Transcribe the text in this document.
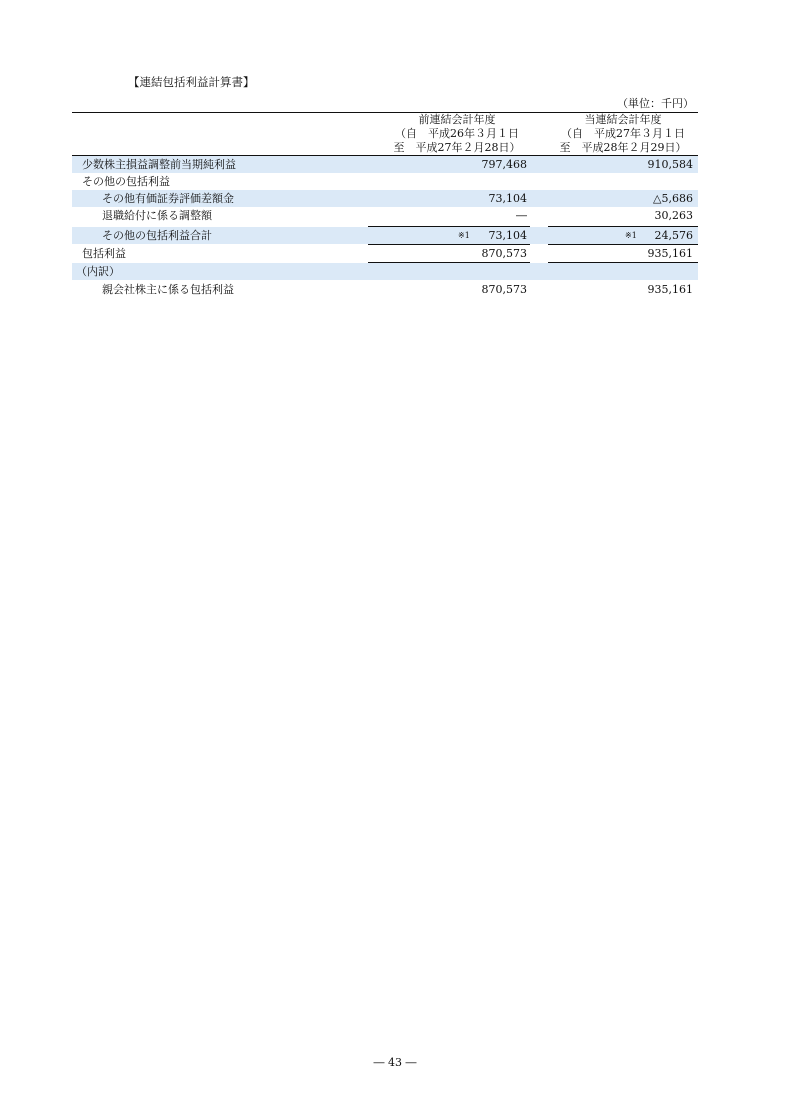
【連結包括利益計算書】
（単位：千円）
前連結会計年度
（自　平成26年３月１日
至　平成27年２月28日）
当連結会計年度
（自　平成27年３月１日
至　平成28年２月29日）
少数株主損益調整前当期純利益	797,468	910,584
その他の包括利益
その他有価証券評価差額金	73,104	△5,686
退職給付に係る調整額	―	30,263
その他の包括利益合計	※1 73,104	※1 24,576
包括利益	870,573	935,161
（内訳）
親会社株主に係る包括利益	870,573	935,161
― 43 ―
